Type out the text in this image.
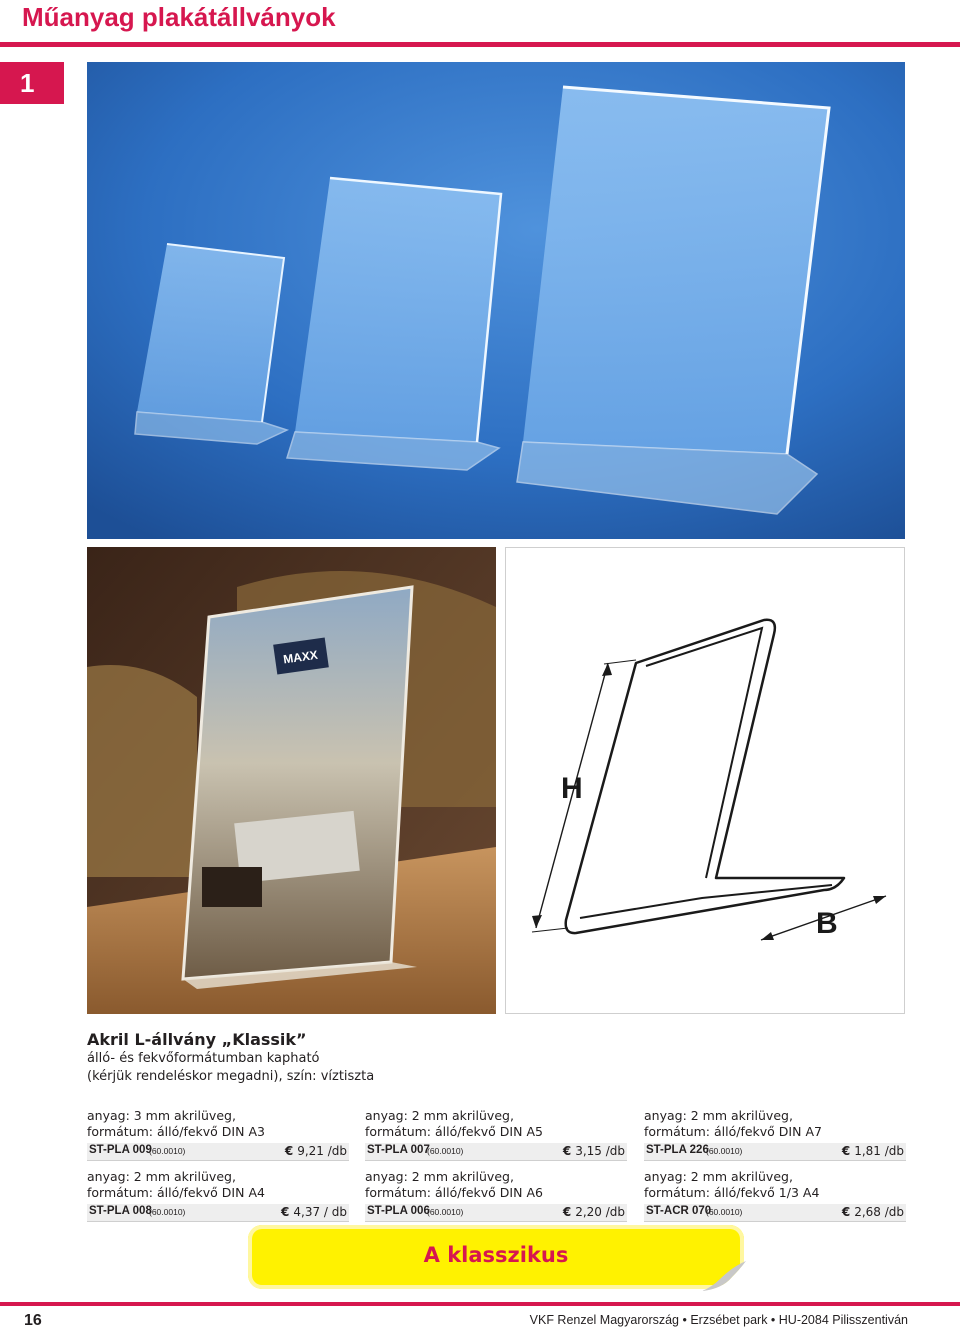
Műanyag plakátállványok
1
MAXX
H
B
Akril L-állvány „Klassik”
álló- és fekvőformátumban kapható
(kérjük rendeléskor megadni), szín: víztiszta
anyag: 3 mm akrilüveg,
formátum: álló/fekvő DIN A3
ST-PLA 009
(60.0010)	€ 9,21 /db
anyag: 2 mm akrilüveg,
formátum: álló/fekvő DIN A4
ST-PLA 008
(60.0010)	€ 4,37 / db
anyag: 2 mm akrilüveg,
formátum: álló/fekvő DIN A5
ST-PLA 007
(60.0010)	€ 3,15 /db
anyag: 2 mm akrilüveg,
formátum: álló/fekvő DIN A6
ST-PLA 006
(60.0010)	€ 2,20 /db
anyag: 2 mm akrilüveg,
formátum: álló/fekvő DIN A7
ST-PLA 226
(60.0010)	€ 1,81 /db
anyag: 2 mm akrilüveg,
formátum: álló/fekvő 1/3 A4
ST-ACR 070
(60.0010)	€ 2,68 /db
A klasszikus
16	VKF Renzel Magyarország • Erzsébet park • HU-2084 Pilisszentiván
